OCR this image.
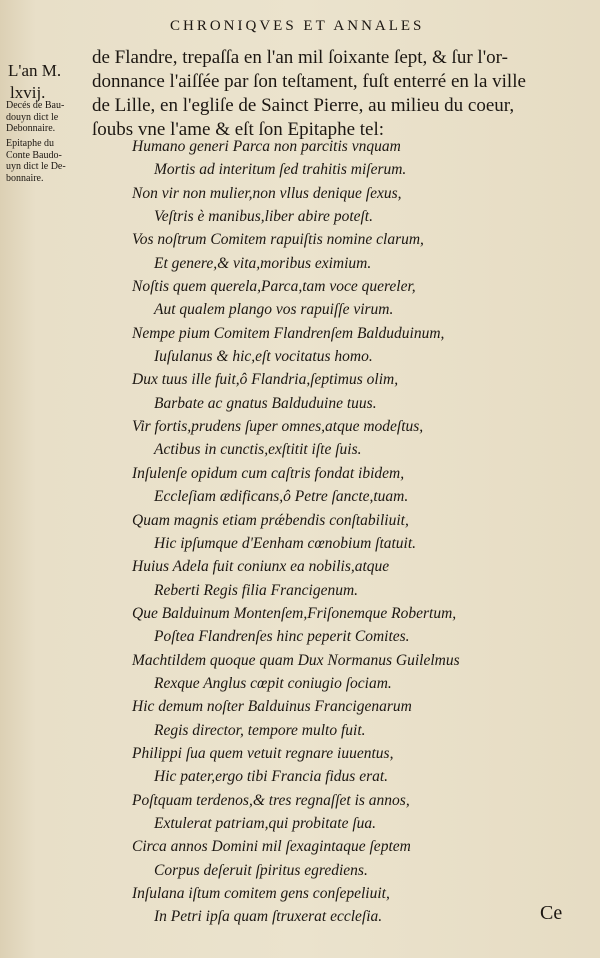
CHRONIQVES ET ANNALES
L'an M.
lxvij.
Decés de Bau-
douyn dict le
Debonnaire.
Epitaphe du
Conte Baudo-
uyn dict le De-
bonnaire.
de Flandre, trepaſſa en l'an mil ſoixante ſept, & ſur l'or-
donnance l'aiſſée par ſon teſtament, fuſt enterré en la ville
de Lille, en l'egliſe de Sainct Pierre, au milieu du coeur,
ſoubs vne l'ame & eſt ſon Epitaphe tel:
Humano generi Parca non parcitis vnquam
Mortis ad interitum ſed trahitis miſerum.
Non vir non mulier,non vllus denique ſexus,
Veſtris è manibus,liber abire poteſt.
Vos noſtrum Comitem rapuiſtis nomine clarum,
Et genere,& vita,moribus eximium.
Noſtis quem querela,Parca,tam voce quereler,
Aut qualem plango vos rapuiſſe virum.
Nempe pium Comitem Flandrenſem Balduduinum,
Iuſulanus & hic,eſt vocitatus homo.
Dux tuus ille fuit,ô Flandria,ſeptimus olim,
Barbate ac gnatus Balduduine tuus.
Vir fortis,prudens ſuper omnes,atque modeſtus,
Actibus in cunctis,exſtitit iſte ſuis.
Inſulenſe opidum cum caſtris fondat ibidem,
Eccleſiam ædificans,ô Petre ſancte,tuam.
Quam magnis etiam prǽbendis conſtabiliuit,
Hic ipſumque d'Eenham cœnobium ſtatuit.
Huius Adela fuit coniunx ea nobilis,atque
Reberti Regis filia Francigenum.
Que Balduinum Montenſem,Friſonemque Robertum,
Poſtea Flandrenſes hinc peperit Comites.
Machtildem quoque quam Dux Normanus Guilelmus
Rexque Anglus cœpit coniugio ſociam.
Hic demum noſter Balduinus Francigenarum
Regis director, tempore multo fuit.
Philippi ſua quem vetuit regnare iuuentus,
Hic pater,ergo tibi Francia fidus erat.
Poſtquam terdenos,& tres regnaſſet is annos,
Extulerat patriam,qui probitate ſua.
Circa annos Domini mil ſexagintaque ſeptem
Corpus deſeruit ſpiritus egrediens.
Inſulana iſtum comitem gens conſepeliuit,
In Petri ipſa quam ſtruxerat eccleſia.	Ce
